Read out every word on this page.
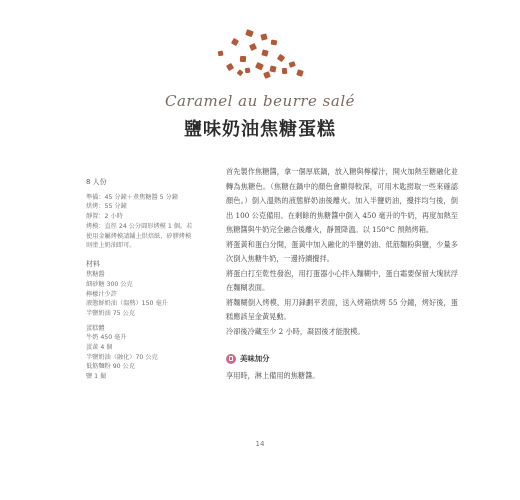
Caramel au beurre salé
鹽味奶油焦糖蛋糕
8 人份
準備：45 分鐘＋煮焦糖醬 5 分鐘
烘烤：55 分鐘
靜置：2 小時
烤模：直徑 24 公分圓形烤模 1 個。若
使用金屬烤模請鋪上烘焙紙，矽膠烤模
則塗上奶油即可。
材料
焦糖醬
細砂糖 300 公克
檸檬汁少許
液態鮮奶油（溫熱）150 毫升
半鹽奶油 75 公克
蛋糕體
牛奶 450 毫升
蛋黃 4 個
半鹽奶油（融化）70 公克
低筋麵粉 90 公克
鹽 1 撮

首先製作焦糖醬，拿一個厚底鍋，放入糖與檸檬汁，開火加熱至糖融化並轉為焦糖色。（焦糖在鍋中的顏色會顯得較深，可用木匙撈取一些來確認顏色。）倒入溫熱的液態鮮奶油後離火。加入半鹽奶油，攪拌均勻後，倒出 100 公克備用。在剩餘的焦糖醬中倒入 450 毫升的牛奶，再度加熱至焦糖醬與牛奶完全融合後離火，靜置降溫。以 150°C 預熱烤箱。

將蛋黃和蛋白分開，蛋黃中加入融化的半鹽奶油、低筋麵粉與鹽，少量多次倒入焦糖牛奶，一邊持續攪拌。

將蛋白打至乾性發泡，用打蛋器小心拌入麵糊中，蛋白霜要保留大塊狀浮在麵糊表面。

將麵糊倒入烤模，用刀鋒劃平表面，送入烤箱烘烤 55 分鐘，烤好後，蛋糕應該呈金黃晃動。

冷卻後冷藏至少 2 小時，凝固後才能脫模。

美味加分
享用時，淋上備用的焦糖醬。
14
